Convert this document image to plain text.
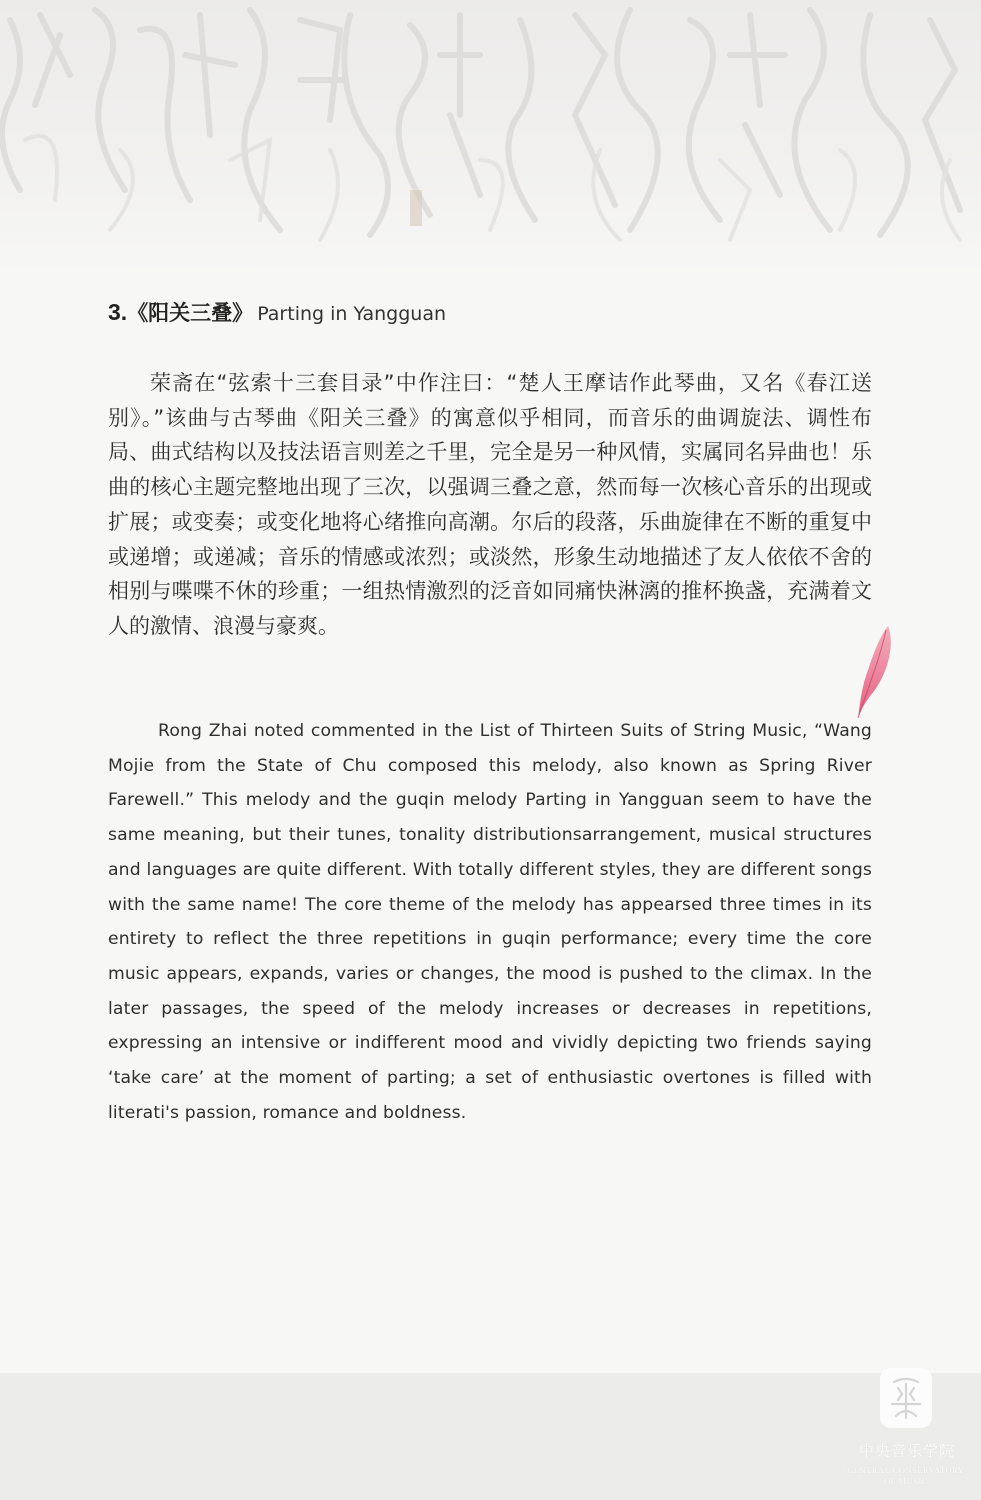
3. 《阳关三叠》 Parting in Yangguan

荣斋在“弦索十三套目录”中作注曰：“楚人王摩诘作此琴曲，又名《春江送别》。”该曲与古琴曲《阳关三叠》的寓意似乎相同，而音乐的曲调旋法、调性布局、曲式结构以及技法语言则差之千里，完全是另一种风情，实属同名异曲也！乐曲的核心主题完整地出现了三次，以强调三叠之意，然而每一次核心音乐的出现或扩展；或变奏；或变化地将心绪推向高潮。尔后的段落，乐曲旋律在不断的重复中或递增；或递减；音乐的情感或浓烈；或淡然，形象生动地描述了友人依依不舍的相别与喋喋不休的珍重；一组热情激烈的泛音如同痛快淋漓的推杯换盏，充满着文人的激情、浪漫与豪爽。

Rong Zhai noted commented in the List of Thirteen Suits of String Music, “Wang Mojie from the State of Chu composed this melody, also known as Spring River Farewell.” This melody and the guqin melody Parting in Yangguan seem to have the same meaning, but their tunes, tonality distributionsarrangement, musical structures and languages are quite different. With totally different styles, they are different songs with the same name! The core theme of the melody has appearsed three times in its entirety to reflect the three repetitions in guqin performance; every time the core music appears, expands, varies or changes, the mood is pushed to the climax. In the later passages, the speed of the melody increases or decreases in repetitions, expressing an intensive or indifferent mood and vividly depicting two friends saying ‘take care’ at the moment of parting; a set of enthusiastic overtones is filled with literati's passion, romance and boldness.

中央音乐学院
CENTRAL CONSERVATORY
OF MUSIC
